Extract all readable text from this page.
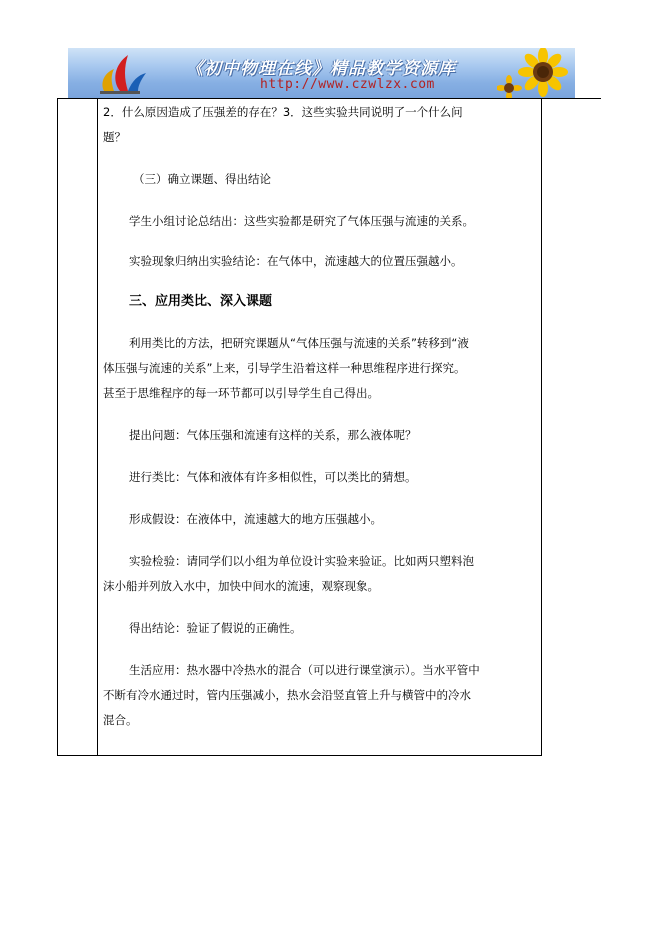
《初中物理在线》精品教学资源库
http://www.czwlzx.com

2．什么原因造成了压强差的存在？3．这些实验共同说明了一个什么问

题？

（三）确立课题、得出结论

学生小组讨论总结出：这些实验都是研究了气体压强与流速的关系。

实验现象归纳出实验结论：在气体中，流速越大的位置压强越小。

三、应用类比、深入课题

利用类比的方法，把研究课题从“气体压强与流速的关系”转移到“液

体压强与流速的关系”上来，引导学生沿着这样一种思维程序进行探究。

甚至于思维程序的每一环节都可以引导学生自己得出。

提出问题：气体压强和流速有这样的关系，那么液体呢？

进行类比：气体和液体有许多相似性，可以类比的猜想。

形成假设：在液体中，流速越大的地方压强越小。

实验检验：请同学们以小组为单位设计实验来验证。比如两只塑料泡

沫小船并列放入水中，加快中间水的流速，观察现象。

得出结论：验证了假说的正确性。

生活应用：热水器中冷热水的混合（可以进行课堂演示）。当水平管中

不断有冷水通过时，管内压强减小，热水会沿竖直管上升与横管中的冷水

混合。
